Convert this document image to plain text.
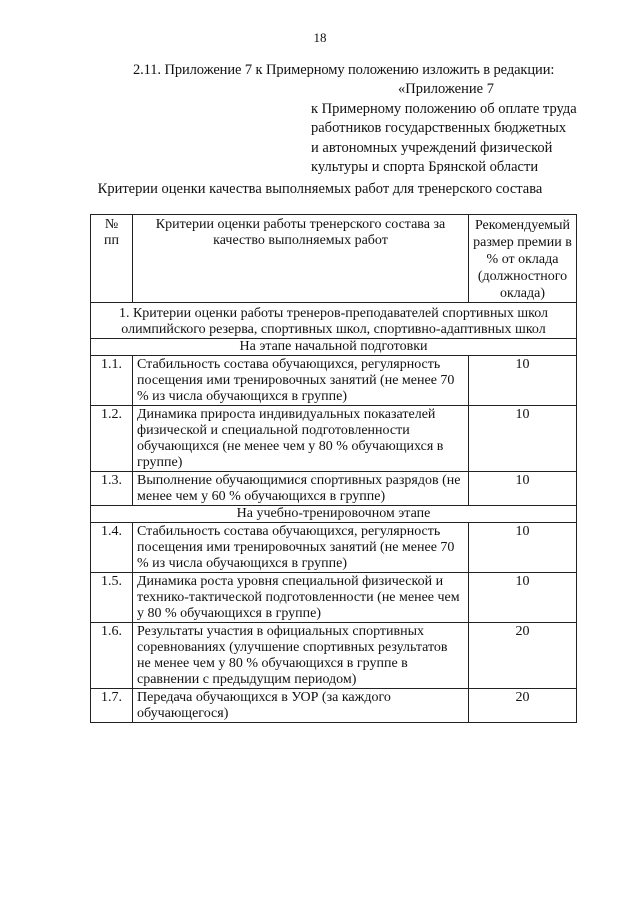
18
2.11. Приложение 7 к Примерному положению изложить в редакции:
«Приложение 7
к Примерному положению об оплате труда
работников государственных бюджетных
и автономных учреждений физической
культуры и спорта Брянской области
Критерии оценки качества выполняемых работ для тренерского состава
№
пп	Критерии оценки работы тренерского состава за качество выполняемых работ	Рекомендуемый размер премии в % от оклада (должностного оклада)
1. Критерии оценки работы тренеров-преподавателей спортивных школ олимпийского резерва, спортивных школ, спортивно-адаптивных школ		
На этапе начальной подготовки		
1.1.	Стабильность состава обучающихся, регулярность посещения ими тренировочных занятий (не менее 70 % из числа обучающихся в группе)	10
1.2.	Динамика прироста индивидуальных показателей физической и специальной подготовленности обучающихся (не менее чем у 80 % обучающихся в группе)	10
1.3.	Выполнение обучающимися спортивных разрядов (не менее чем у 60 % обучающихся в группе)	10
На учебно-тренировочном этапе		
1.4.	Стабильность состава обучающихся, регулярность посещения ими тренировочных занятий (не менее 70 % из числа обучающихся в группе)	10
1.5.	Динамика роста уровня специальной физической и технико-тактической подготовленности (не менее чем у 80 % обучающихся в группе)	10
1.6.	Результаты участия в официальных спортивных соревнованиях (улучшение спортивных результатов не менее чем у 80 % обучающихся в группе в сравнении с предыдущим периодом)	20
1.7.	Передача обучающихся в УОР (за каждого обучающегося)	20
